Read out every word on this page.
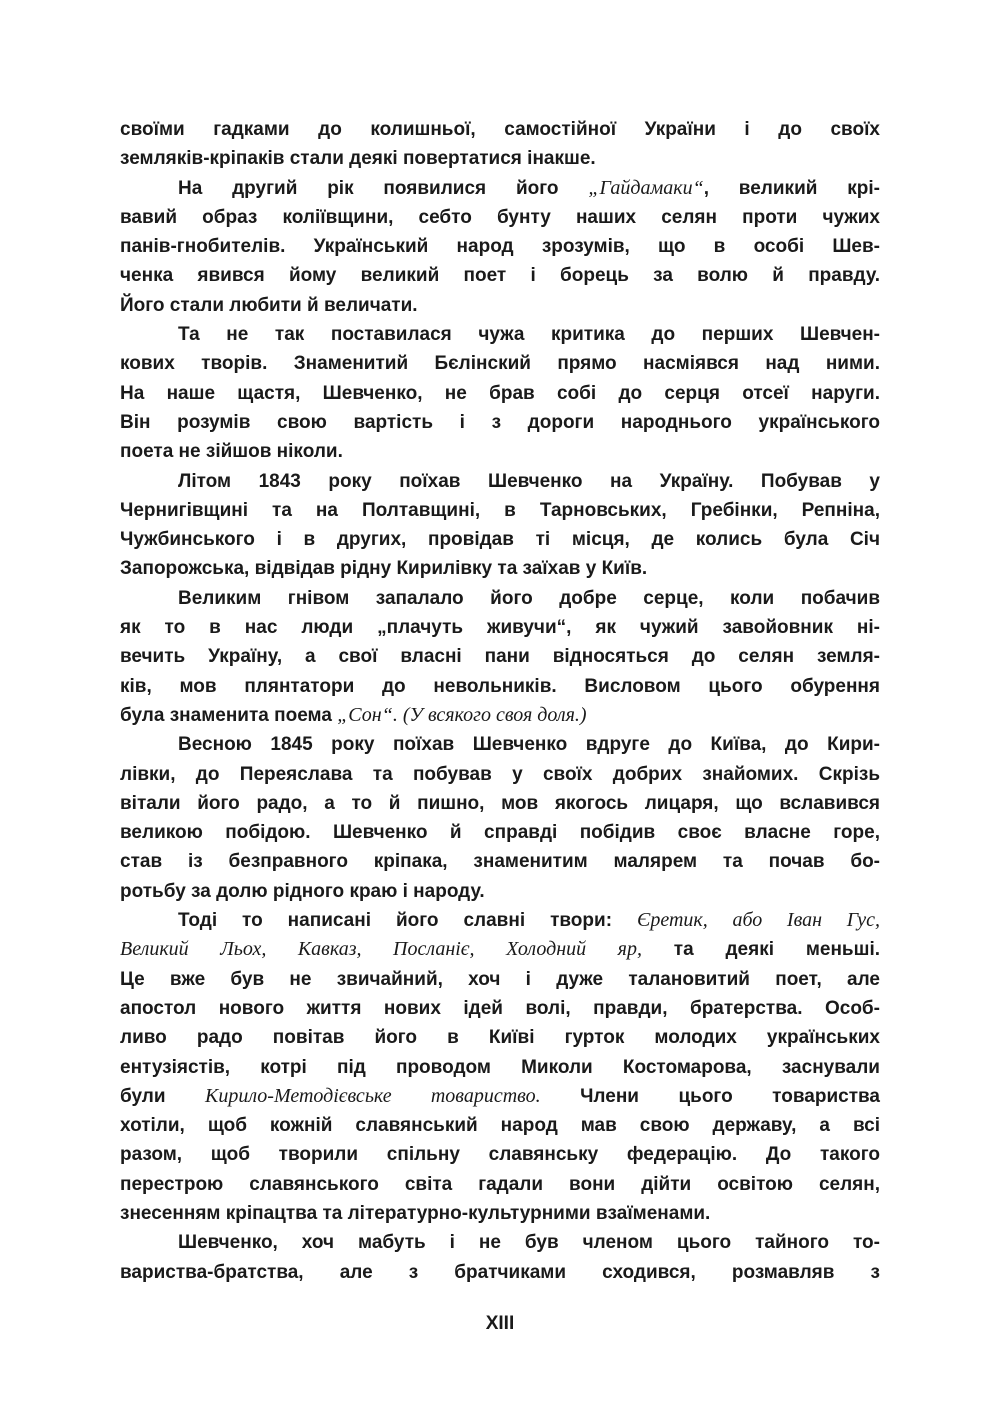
своїми гадками до колишньої, самостійної України і до своїх
земляків-кріпаків стали деякі повертатися інакше.
На другий рік появилися його „Гайдамаки“, великий крі-
вавий образ коліївщини, себто бунту наших селян проти чужих
панів-гнобителів. Український народ зрозумів, що в особі Шев-
ченка явився йому великий поет і борець за волю й правду.
Його стали любити й величати.
Та не так поставилася чужа критика до перших Шевчен-
кових творів. Знаменитий Бєлінский прямо насміявся над ними.
На наше щастя, Шевченко, не брав собі до серця отсеї наруги.
Він розумів свою вартість і з дороги народнього українського
поета не зійшов ніколи.
Літом 1843 року поїхав Шевченко на Україну. Побував у
Чернигівщині та на Полтавщині, в Тарновських, Гребінки, Репніна,
Чужбинського і в других, провідав ті місця, де колись була Січ
Запорожська, відвідав рідну Кирилівку та заїхав у Київ.
Великим гнівом запалало його добре серце, коли побачив
як то в нас люди „плачуть живучи“, як чужий завойовник ні-
вечить Україну, а свої власні пани відносяться до селян земля-
ків, мов плянтатори до невольників. Висловом цього обурення
була знаменита поема „Сон“. (У всякого своя доля.)
Весною 1845 року поїхав Шевченко вдруге до Київа, до Кири-
лівки, до Переяслава та побував у своїх добрих знайомих. Скрізь
вітали його радо, а то й пишно, мов якогось лицаря, що вславився
великою побідою. Шевченко й справді побідив своє власне горе,
став із безправного кріпака, знаменитим малярем та почав бо-
ротьбу за долю рідного краю і народу.
Тоді то написані його славні твори: Єретик, або Іван Гус,
Великий Льох, Кавказ, Посланіє, Холодний яр, та деякі меньші.
Це вже був не звичайний, хоч і дуже талановитий поет, але
апостол нового життя нових ідей волі, правди, братерства. Особ-
ливо радо повітав його в Київі гурток молодих українських
ентузіястів, котрі під проводом Миколи Костомарова, заснували
були Кирило-Методієвське товариство. Члени цього товариства
хотіли, щоб кожній славянський народ мав свою державу, а всі
разом, щоб творили спільну славянську федерацію. До такого
перестрою славянського світа гадали вони дійти освітою селян,
знесенням кріпацтва та літературно-культурними взаїменами.
Шевченко, хоч мабуть і не був членом цього тайного то-
вариства-братства, але з братчиками сходився, розмавляв з
XIII
